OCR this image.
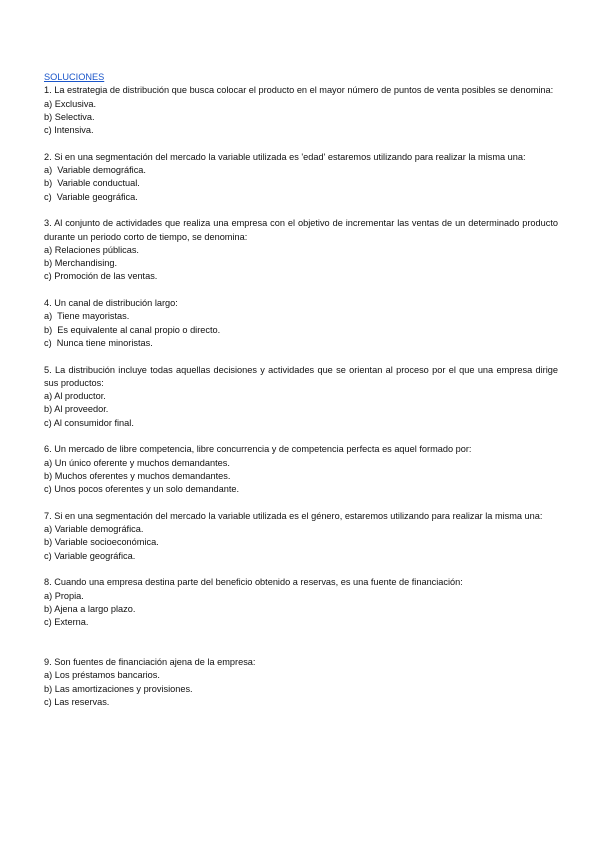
SOLUCIONES

1. La estrategia de distribución que busca colocar el producto en el mayor número de puntos de venta posibles se denomina:

a) Exclusiva.

b) Selectiva.

c) Intensiva.

2. Si en una segmentación del mercado la variable utilizada es 'edad' estaremos utilizando para realizar la misma una:

a)  Variable demográfica.

b)  Variable conductual.

c)  Variable geográfica.

3. Al conjunto de actividades que realiza una empresa con el objetivo de incrementar las ventas de un determinado producto durante un periodo corto de tiempo, se denomina:

a) Relaciones públicas.

b) Merchandising.

c) Promoción de las ventas.

4. Un canal de distribución largo:

a)  Tiene mayoristas.

b)  Es equivalente al canal propio o directo.

c)  Nunca tiene minoristas.

5. La distribución incluye todas aquellas decisiones y actividades que se orientan al proceso por el que una empresa dirige sus productos:

a) Al productor.

b) Al proveedor.

c) Al consumidor final.

6. Un mercado de libre competencia, libre concurrencia y de competencia perfecta es aquel formado por:

a) Un único oferente y muchos demandantes.

b) Muchos oferentes y muchos demandantes.

c) Unos pocos oferentes y un solo demandante.

7. Si en una segmentación del mercado la variable utilizada es el género, estaremos utilizando para realizar la misma una:

a) Variable demográfica.

b) Variable socioeconómica.

c) Variable geográfica.

8. Cuando una empresa destina parte del beneficio obtenido a reservas, es una fuente de financiación:

a) Propia.

b) Ajena a largo plazo.

c) Externa.

9. Son fuentes de financiación ajena de la empresa:

a) Los préstamos bancarios.

b) Las amortizaciones y provisiones.

c) Las reservas.
